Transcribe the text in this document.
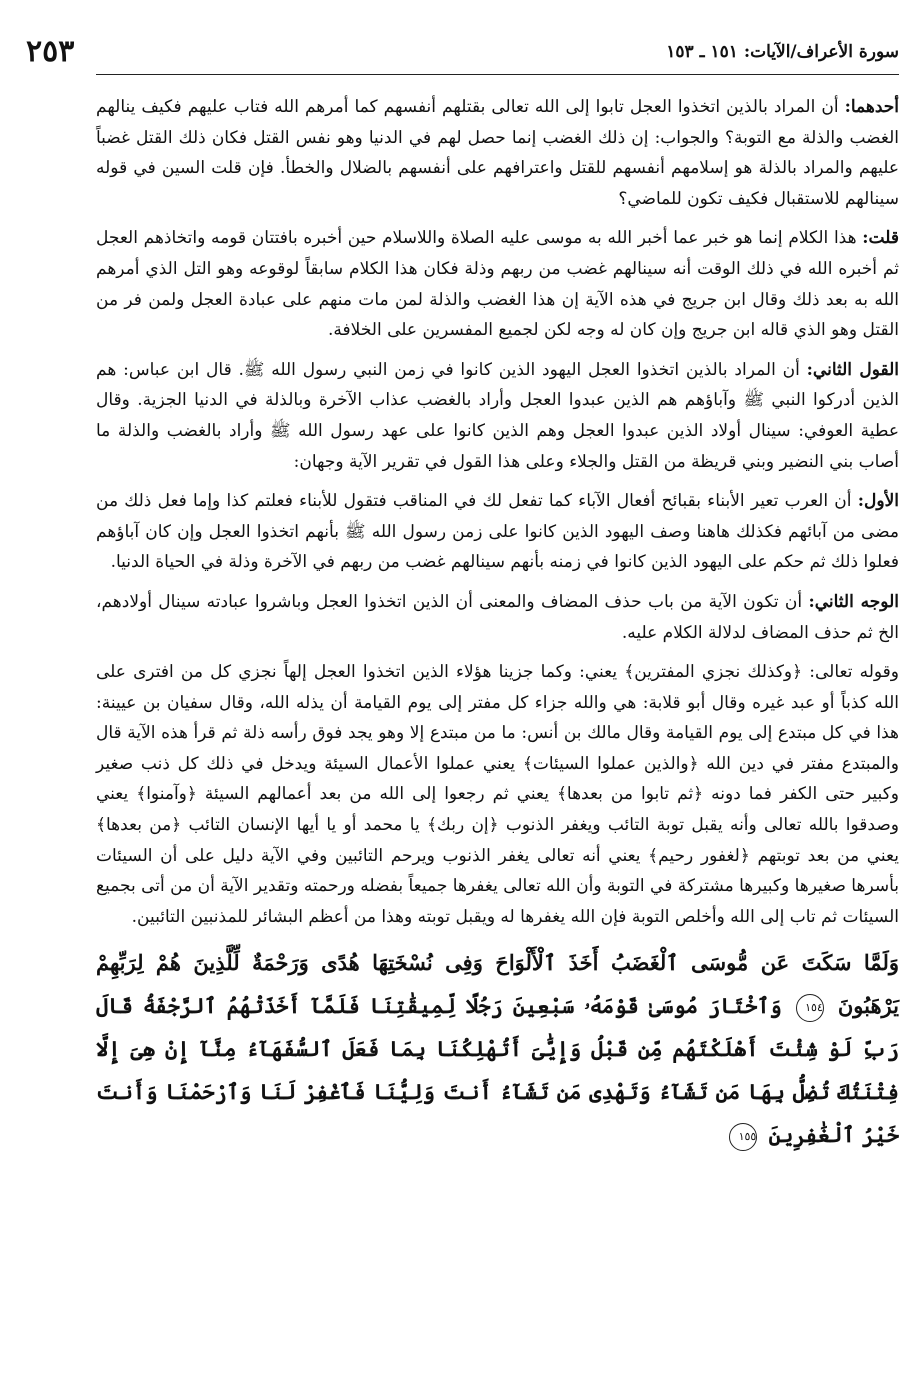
سورة الأعراف/الآيات: ١٥١ ـ ١٥٣
٢٥٣

أحدهما: أن المراد بالذين اتخذوا العجل تابوا إلى الله تعالى بقتلهم أنفسهم كما أمرهم الله فتاب عليهم فكيف ينالهم الغضب والذلة مع التوبة؟ والجواب: إن ذلك الغضب إنما حصل لهم في الدنيا وهو نفس القتل فكان ذلك القتل غضباً عليهم والمراد بالذلة هو إسلامهم أنفسهم للقتل واعترافهم على أنفسهم بالضلال والخطأ. فإن قلت السين في قوله سينالهم للاستقبال فكيف تكون للماضي؟

قلت: هذا الكلام إنما هو خبر عما أخبر الله به موسى عليه الصلاة واللاسلام حين أخبره بافتتان قومه واتخاذهم العجل ثم أخبره الله في ذلك الوقت أنه سينالهم غضب من ربهم وذلة فكان هذا الكلام سابقاً لوقوعه وهو التل الذي أمرهم الله به بعد ذلك وقال ابن جريج في هذه الآية إن هذا الغضب والذلة لمن مات منهم على عبادة العجل ولمن فر من القتل وهو الذي قاله ابن جريج وإن كان له وجه لكن لجميع المفسرين على الخلافة.

القول الثاني: أن المراد بالذين اتخذوا العجل اليهود الذين كانوا في زمن النبي رسول الله ﷺ. قال ابن عباس: هم الذين أدركوا النبي ﷺ وآباؤهم هم الذين عبدوا العجل وأراد بالغضب عذاب الآخرة وبالذلة في الدنيا الجزية. وقال عطية العوفي: سينال أولاد الذين عبدوا العجل وهم الذين كانوا على عهد رسول الله ﷺ وأراد بالغضب والذلة ما أصاب بني النضير وبني قريظة من القتل والجلاء وعلى هذا القول في تقرير الآية وجهان:

الأول: أن العرب تعير الأبناء بقبائح أفعال الآباء كما تفعل لك في المناقب فتقول للأبناء فعلتم كذا وإما فعل ذلك من مضى من آبائهم فكذلك هاهنا وصف اليهود الذين كانوا على زمن رسول الله ﷺ بأنهم اتخذوا العجل وإن كان آباؤهم فعلوا ذلك ثم حكم على اليهود الذين كانوا في زمنه بأنهم سينالهم غضب من ربهم في الآخرة وذلة في الحياة الدنيا.

الوجه الثاني: أن تكون الآية من باب حذف المضاف والمعنى أن الذين اتخذوا العجل وباشروا عبادته سينال أولادهم، الخ ثم حذف المضاف لدلالة الكلام عليه.

وقوله تعالى: ﴿وكذلك نجزي المفترين﴾ يعني: وكما جزينا هؤلاء الذين اتخذوا العجل إلهاً نجزي كل من افترى على الله كذباً أو عبد غيره وقال أبو قلابة: هي والله جزاء كل مفتر إلى يوم القيامة أن يذله الله، وقال سفيان بن عيينة: هذا في كل مبتدع إلى يوم القيامة وقال مالك بن أنس: ما من مبتدع إلا وهو يجد فوق رأسه ذلة ثم قرأ هذه الآية قال والمبتدع مفتر في دين الله ﴿والذين عملوا السيئات﴾ يعني عملوا الأعمال السيئة ويدخل في ذلك كل ذنب صغير وكبير حتى الكفر فما دونه ﴿ثم تابوا من بعدها﴾ يعني ثم رجعوا إلى الله من بعد أعمالهم السيئة ﴿وآمنوا﴾ يعني وصدقوا بالله تعالى وأنه يقبل توبة التائب ويغفر الذنوب ﴿إن ربك﴾ يا محمد أو يا أيها الإنسان التائب ﴿من بعدها﴾ يعني من بعد توبتهم ﴿لغفور رحيم﴾ يعني أنه تعالى يغفر الذنوب ويرحم التائبين وفي الآية دليل على أن السيئات بأسرها صغيرها وكبيرها مشتركة في التوبة وأن الله تعالى يغفرها جميعاً بفضله ورحمته وتقدير الآية أن من أتى بجميع السيئات ثم تاب إلى الله وأخلص التوبة فإن الله يغفرها له ويقبل توبته وهذا من أعظم البشائر للمذنبين التائبين.

وَلَمَّا سَكَتَ عَن مُّوسَى ٱلْغَضَبُ أَخَذَ ٱلْأَلْوَاحَ وَفِى نُسْخَتِهَا هُدًى وَرَحْمَةٌ لِّلَّذِينَ هُمْ لِرَبِّهِمْ يَرْهَبُونَ ١٥٤ وَٱخْتَارَ مُوسَىٰ قَوْمَهُۥ سَبْعِينَ رَجُلًا لِّمِيقَٰتِنَا فَلَمَّآ أَخَذَتْهُمُ ٱلرَّجْفَةُ قَالَ رَبِّ لَوْ شِئْتَ أَهْلَكْتَهُم مِّن قَبْلُ وَإِيَّٰىَ أَتُهْلِكُنَا بِمَا فَعَلَ ٱلسُّفَهَآءُ مِنَّآ إِنْ هِىَ إِلَّا فِتْنَتُكَ تُضِلُّ بِهَا مَن تَشَآءُ وَتَهْدِى مَن تَشَآءُ أَنتَ وَلِيُّنَا فَٱغْفِرْ لَنَا وَٱرْحَمْنَا وَأَنتَ خَيْرُ ٱلْغَٰفِرِينَ ١٥٥
